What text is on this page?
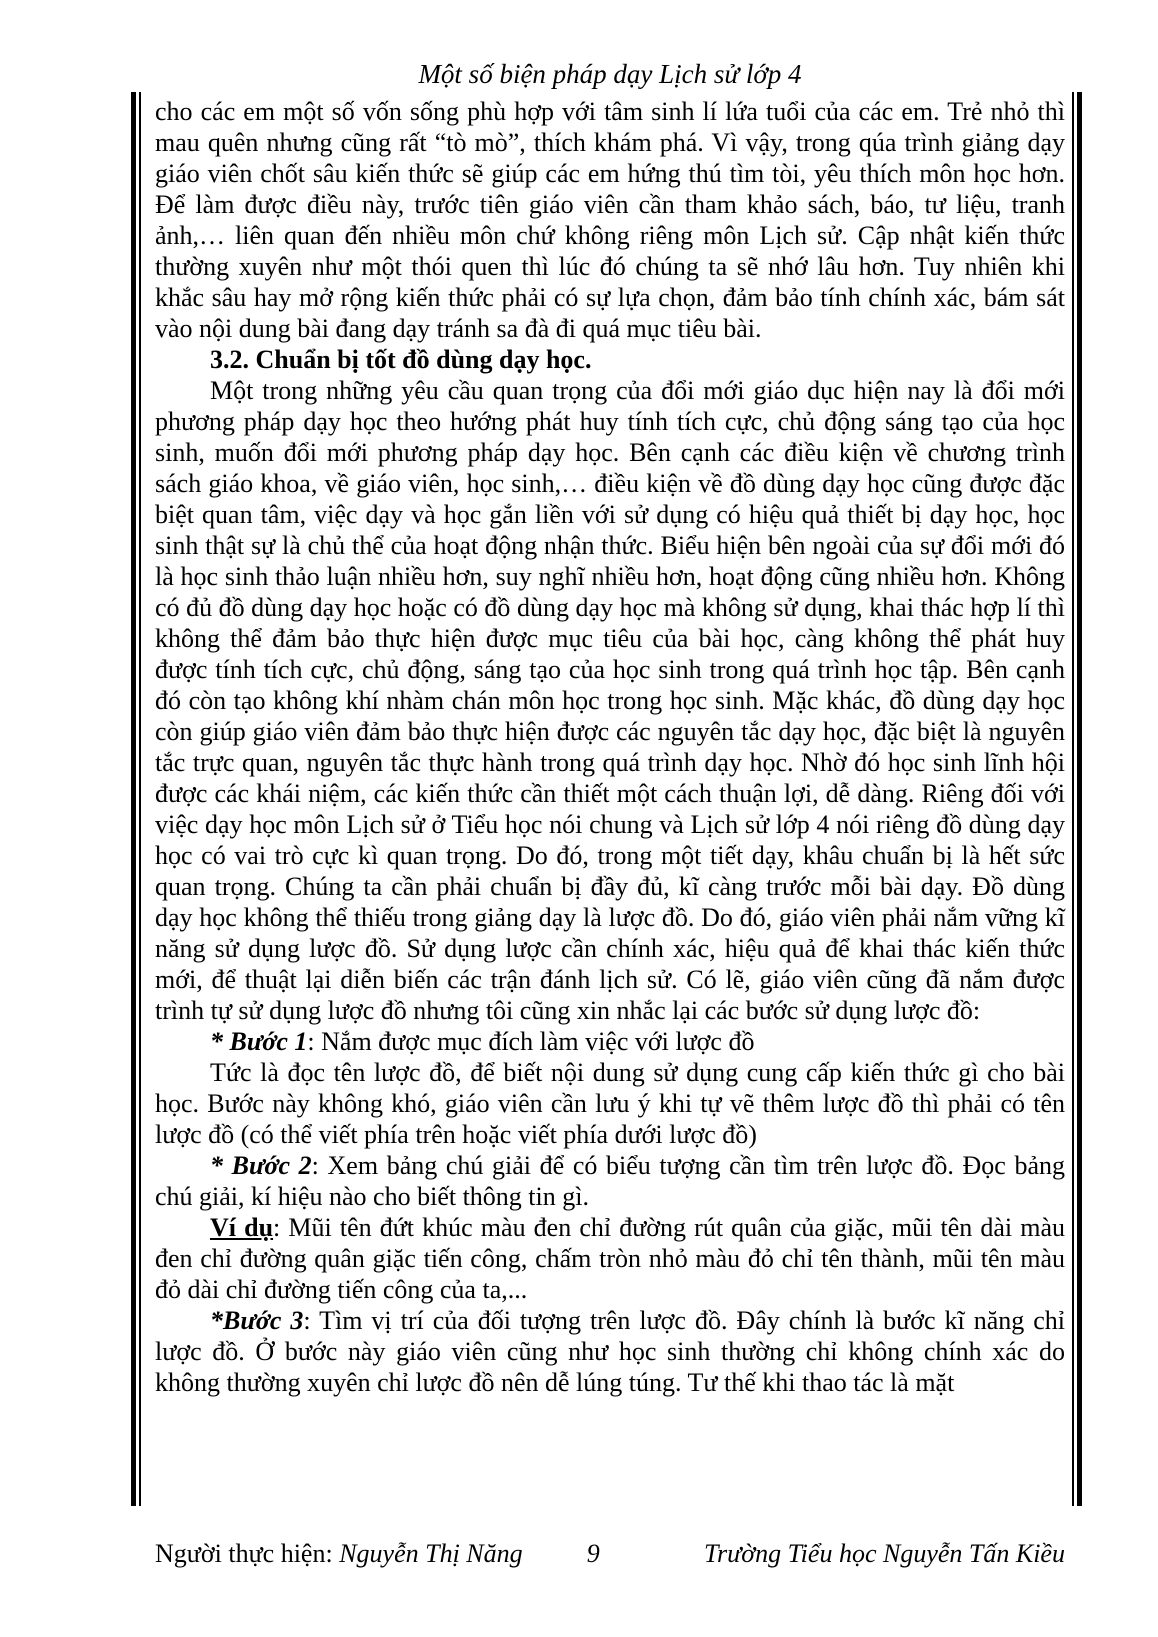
Một số biện pháp dạy Lịch sử lớp 4

cho các em một số vốn sống phù hợp với tâm sinh lí lứa tuổi của các em. Trẻ nhỏ thì mau quên nhưng cũng rất “tò mò”, thích khám phá. Vì vậy, trong qúa trình giảng dạy giáo viên chốt sâu kiến thức sẽ giúp các em hứng thú tìm tòi, yêu thích môn học hơn. Để làm được điều này, trước tiên giáo viên cần tham khảo sách, báo, tư liệu, tranh ảnh,… liên quan đến nhiều môn chứ không riêng môn Lịch sử. Cập nhật kiến thức thường xuyên như một thói quen thì lúc đó chúng ta sẽ nhớ lâu hơn. Tuy nhiên khi khắc sâu hay mở rộng kiến thức phải có sự lựa chọn, đảm bảo tính chính xác, bám sát vào nội dung bài đang dạy tránh sa đà đi quá mục tiêu bài.

3.2. Chuẩn bị tốt đồ dùng dạy học.

Một trong những yêu cầu quan trọng của đổi mới giáo dục hiện nay là đổi mới phương pháp dạy học theo hướng phát huy tính tích cực, chủ động sáng tạo của học sinh, muốn đổi mới phương pháp dạy học. Bên cạnh các điều kiện về chương trình sách giáo khoa, về giáo viên, học sinh,… điều kiện về đồ dùng dạy học cũng được đặc biệt quan tâm, việc dạy và học gắn liền với sử dụng có hiệu quả thiết bị dạy học, học sinh thật sự là chủ thể của hoạt động nhận thức. Biểu hiện bên ngoài của sự đổi mới đó là học sinh thảo luận nhiều hơn, suy nghĩ nhiều hơn, hoạt động cũng nhiều hơn. Không có đủ đồ dùng dạy học hoặc có đồ dùng dạy học mà không sử dụng, khai thác hợp lí thì không thể đảm bảo thực hiện được mục tiêu của bài học, càng không thể phát huy được tính tích cực, chủ động, sáng tạo của học sinh trong quá trình học tập. Bên cạnh đó còn tạo không khí nhàm chán môn học trong học sinh. Mặc khác, đồ dùng dạy học còn giúp giáo viên đảm bảo thực hiện được các nguyên tắc dạy học, đặc biệt là nguyên tắc trực quan, nguyên tắc thực hành trong quá trình dạy học. Nhờ đó học sinh lĩnh hội được các khái niệm, các kiến thức cần thiết một cách thuận lợi, dễ dàng. Riêng đối với việc dạy học môn Lịch sử ở Tiểu học nói chung và Lịch sử lớp 4 nói riêng đồ dùng dạy học có vai trò cực kì quan trọng. Do đó, trong một tiết dạy, khâu chuẩn bị là hết sức quan trọng. Chúng ta cần phải chuẩn bị đầy đủ, kĩ càng trước mỗi bài dạy. Đồ dùng dạy học không thể thiếu trong giảng dạy là lược đồ. Do đó, giáo viên phải nắm vững kĩ năng sử dụng lược đồ. Sử dụng lược cần chính xác, hiệu quả để khai thác kiến thức mới, để thuật lại diễn biến các trận đánh lịch sử. Có lẽ, giáo viên cũng đã nắm được trình tự sử dụng lược đồ nhưng tôi cũng xin nhắc lại các bước sử dụng lược đồ:

* Bước 1: Nắm được mục đích làm việc với lược đồ

Tức là đọc tên lược đồ, để biết nội dung sử dụng cung cấp kiến thức gì cho bài học. Bước này không khó, giáo viên cần lưu ý khi tự vẽ thêm lược đồ thì phải có tên lược đồ (có thể viết phía trên hoặc viết phía dưới lược đồ)

* Bước 2: Xem bảng chú giải để có biểu tượng cần tìm trên lược đồ. Đọc bảng chú giải, kí hiệu nào cho biết thông tin gì.

Ví dụ: Mũi tên đứt khúc màu đen chỉ đường rút quân của giặc, mũi tên dài màu đen chỉ đường quân giặc tiến công, chấm tròn nhỏ màu đỏ chỉ tên thành, mũi tên màu đỏ dài chỉ đường tiến công của ta,...

*Bước 3: Tìm vị trí của đối tượng trên lược đồ. Đây chính là bước kĩ năng chỉ lược đồ. Ở bước này giáo viên cũng như học sinh thường chỉ không chính xác do không thường xuyên chỉ lược đồ nên dễ lúng túng. Tư thế khi thao tác là mặt

Người thực hiện: Nguyễn Thị Năng 9	Trường Tiểu học Nguyễn Tấn Kiều
